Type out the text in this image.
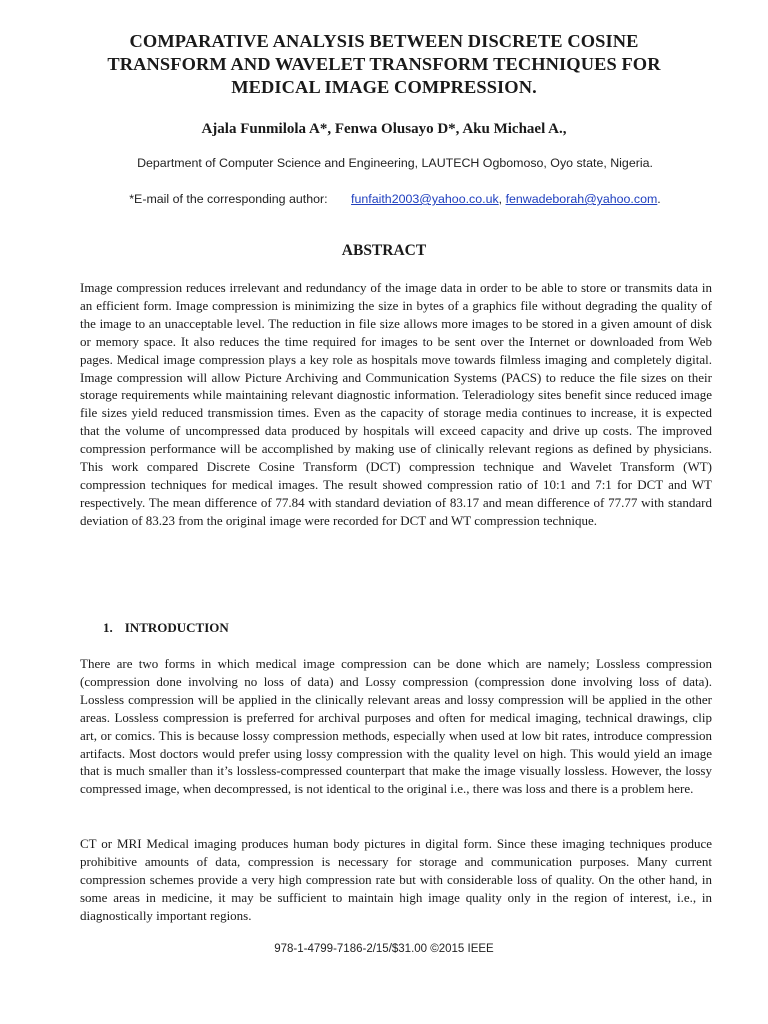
COMPARATIVE ANALYSIS BETWEEN DISCRETE COSINE TRANSFORM AND WAVELET TRANSFORM TECHNIQUES FOR MEDICAL IMAGE COMPRESSION.
Ajala Funmilola A*, Fenwa Olusayo D*, Aku Michael A.,
Department of Computer Science and Engineering, LAUTECH Ogbomoso, Oyo state, Nigeria.
*E-mail of the corresponding author: funfaith2003@yahoo.co.uk, fenwadeborah@yahoo.com.
ABSTRACT

Image compression reduces irrelevant and redundancy of the image data in order to be able to store or transmits data in an efficient form. Image compression is minimizing the size in bytes of a graphics file without degrading the quality of the image to an unacceptable level. The reduction in file size allows more images to be stored in a given amount of disk or memory space. It also reduces the time required for images to be sent over the Internet or downloaded from Web pages. Medical image compression plays a key role as hospitals move towards filmless imaging and completely digital. Image compression will allow Picture Archiving and Communication Systems (PACS) to reduce the file sizes on their storage requirements while maintaining relevant diagnostic information. Teleradiology sites benefit since reduced image file sizes yield reduced transmission times. Even as the capacity of storage media continues to increase, it is expected that the volume of uncompressed data produced by hospitals will exceed capacity and drive up costs. The improved compression performance will be accomplished by making use of clinically relevant regions as defined by physicians. This work compared Discrete Cosine Transform (DCT) compression technique and Wavelet Transform (WT) compression techniques for medical images. The result showed compression ratio of 10:1 and 7:1 for DCT and WT respectively. The mean difference of 77.84 with standard deviation of 83.17 and mean difference of 77.77 with standard deviation of 83.23 from the original image were recorded for DCT and WT compression technique.

1. INTRODUCTION

There are two forms in which medical image compression can be done which are namely; Lossless compression (compression done involving no loss of data) and Lossy compression (compression done involving loss of data). Lossless compression will be applied in the clinically relevant areas and lossy compression will be applied in the other areas. Lossless compression is preferred for archival purposes and often for medical imaging, technical drawings, clip art, or comics. This is because lossy compression methods, especially when used at low bit rates, introduce compression artifacts. Most doctors would prefer using lossy compression with the quality level on high. This would yield an image that is much smaller than it’s lossless-compressed counterpart that make the image visually lossless. However, the lossy compressed image, when decompressed, is not identical to the original i.e., there was loss and there is a problem here.

CT or MRI Medical imaging produces human body pictures in digital form. Since these imaging techniques produce prohibitive amounts of data, compression is necessary for storage and communication purposes. Many current compression schemes provide a very high compression rate but with considerable loss of quality. On the other hand, in some areas in medicine, it may be sufficient to maintain high image quality only in the region of interest, i.e., in diagnostically important regions.

978-1-4799-7186-2/15/$31.00 ©2015 IEEE
